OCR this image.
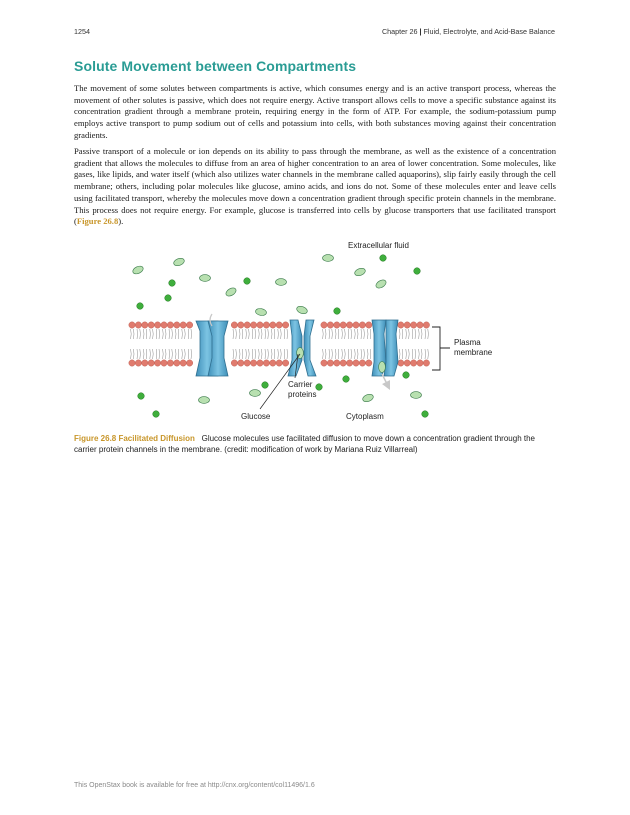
1254	Chapter 26 | Fluid, Electrolyte, and Acid-Base Balance
Solute Movement between Compartments

The movement of some solutes between compartments is active, which consumes energy and is an active transport process, whereas the movement of other solutes is passive, which does not require energy. Active transport allows cells to move a specific substance against its concentration gradient through a membrane protein, requiring energy in the form of ATP. For example, the sodium-potassium pump employs active transport to pump sodium out of cells and potassium into cells, with both substances moving against their concentration gradients.

Passive transport of a molecule or ion depends on its ability to pass through the membrane, as well as the existence of a concentration gradient that allows the molecules to diffuse from an area of higher concentration to an area of lower concentration. Some molecules, like gases, like lipids, and water itself (which also utilizes water channels in the membrane called aquaporins), slip fairly easily through the cell membrane; others, including polar molecules like glucose, amino acids, and ions do not. Some of these molecules enter and leave cells using facilitated transport, whereby the molecules move down a concentration gradient through specific protein channels in the membrane. This process does not require energy. For example, glucose is transferred into cells by glucose transporters that use facilitated transport (Figure 26.8).

Extracellular fluid
Plasma
membrane
Carrier
proteins
Glucose	Cytoplasm

Figure 26.8 Facilitated Diffusion Glucose molecules use facilitated diffusion to move down a concentration gradient through the carrier protein channels in the membrane. (credit: modification of work by Mariana Ruiz Villarreal)

This OpenStax book is available for free at http://cnx.org/content/col11496/1.6
